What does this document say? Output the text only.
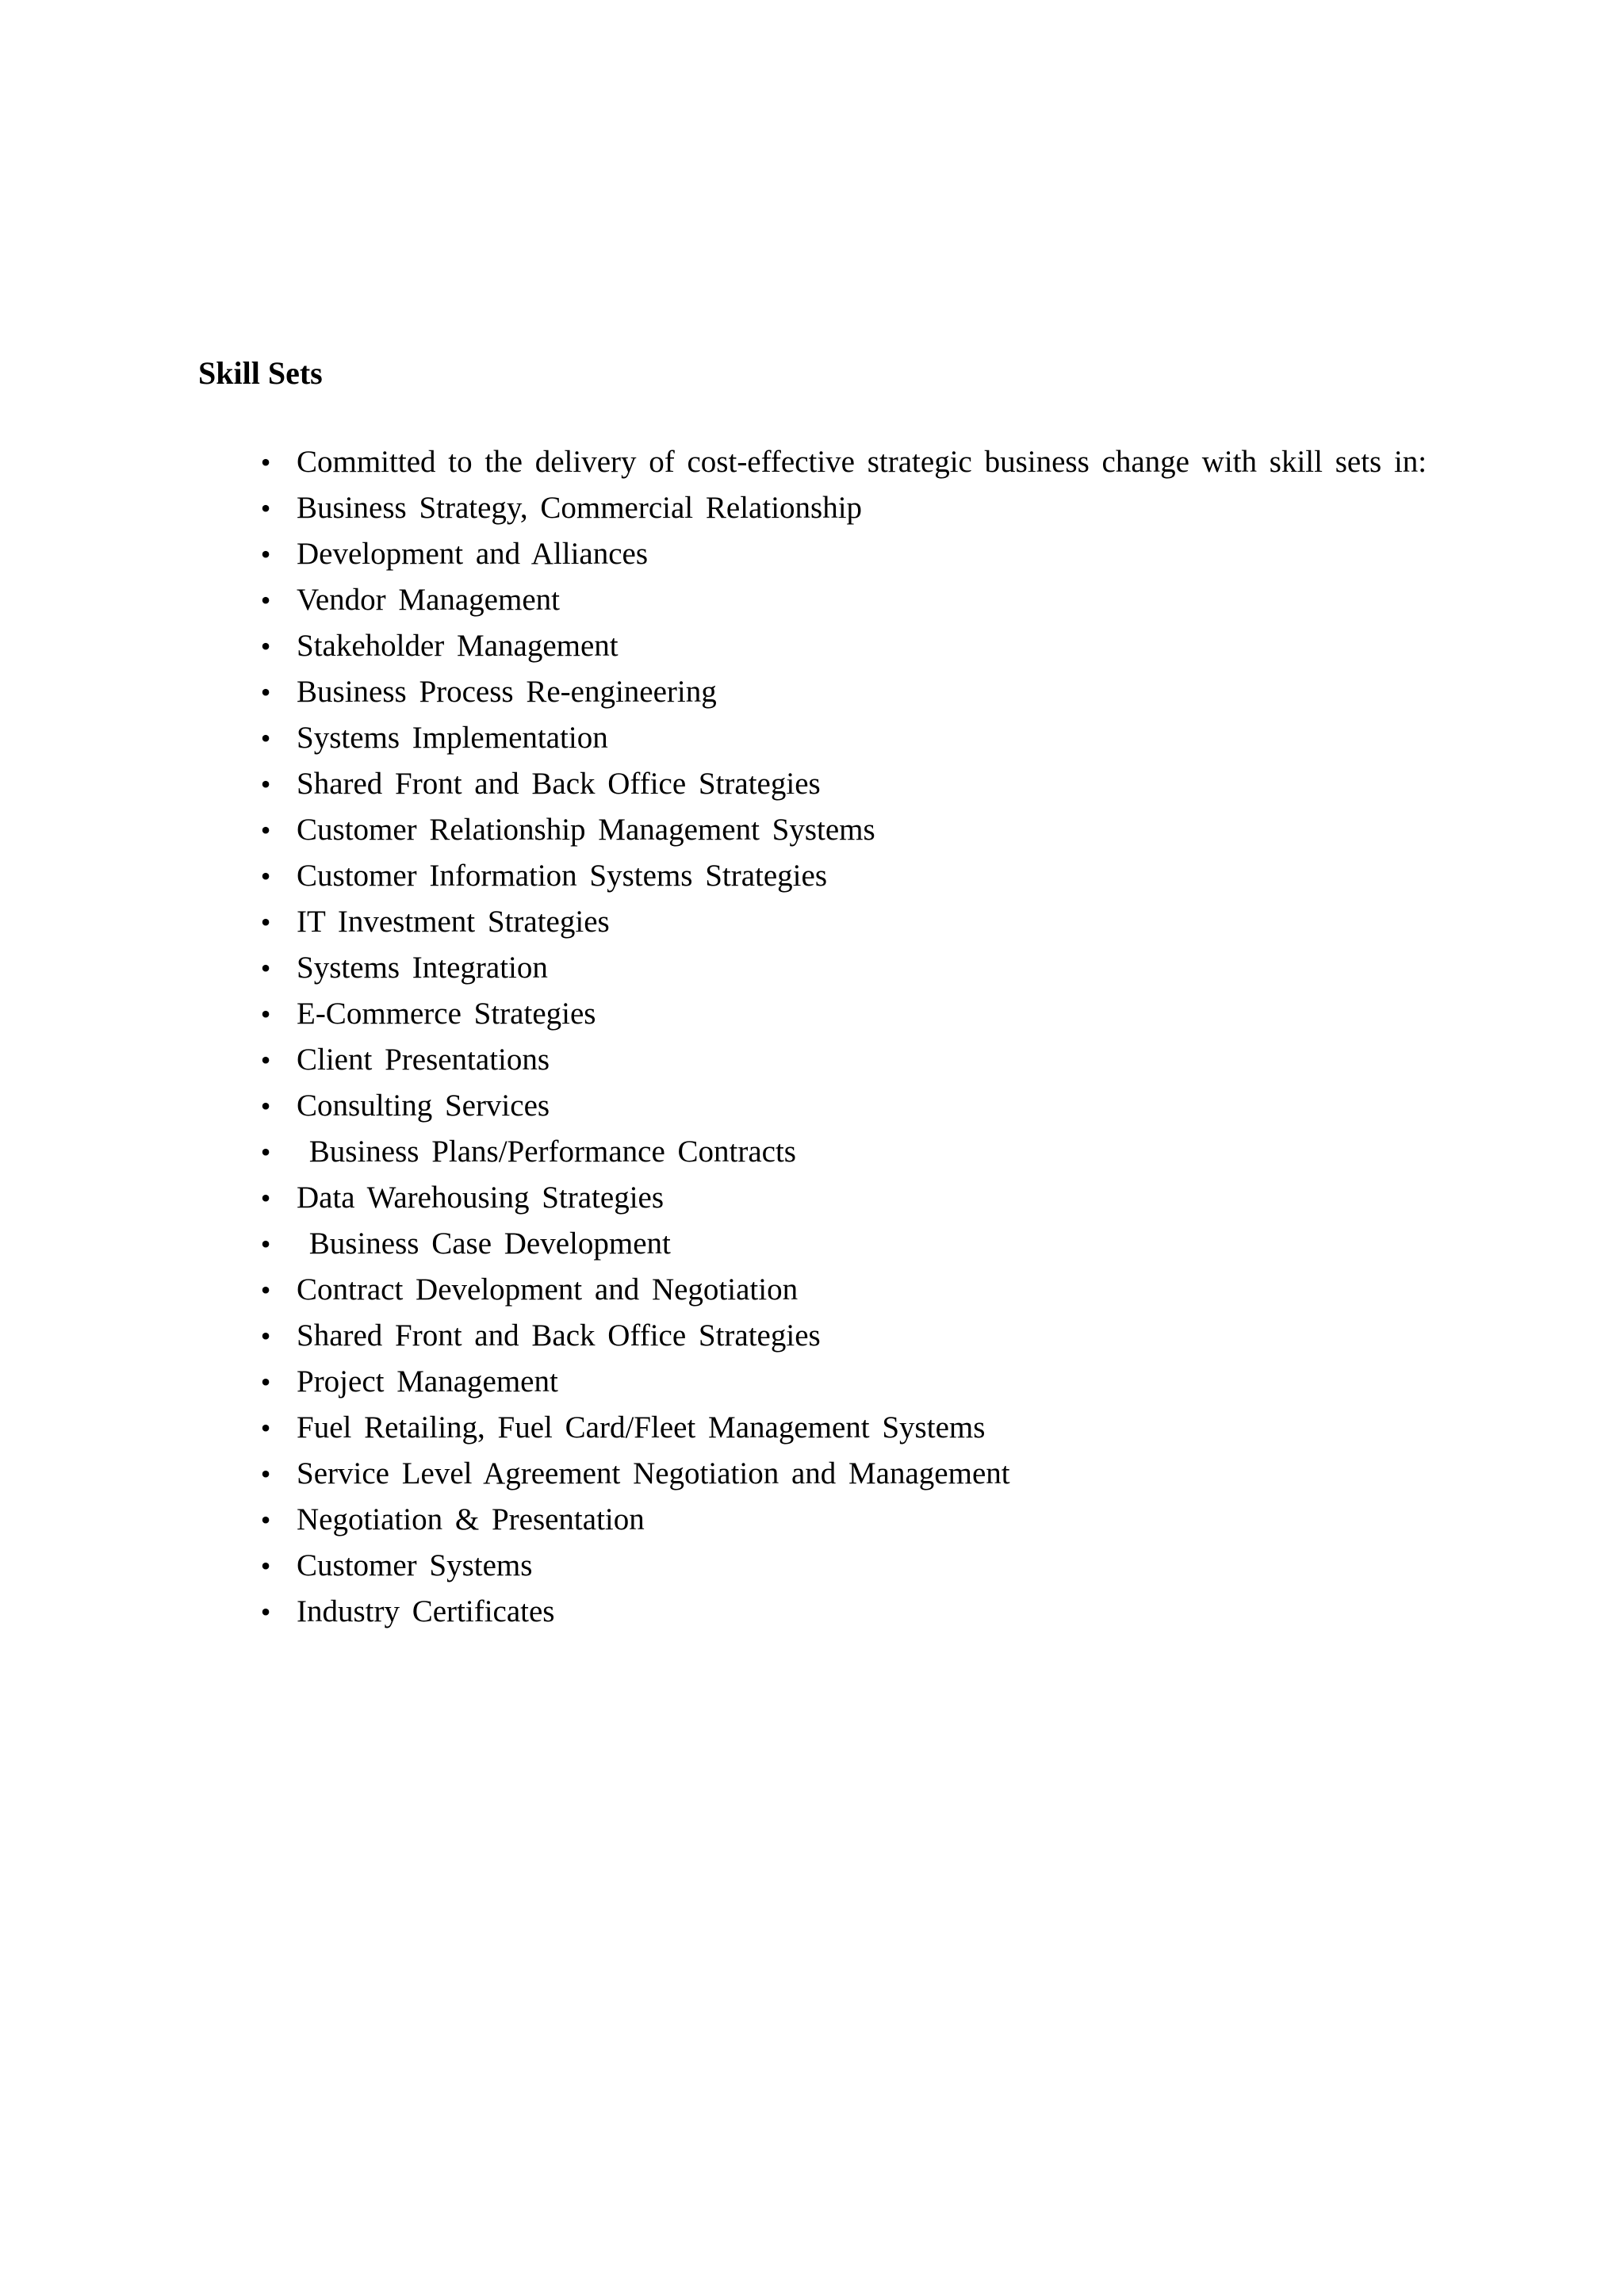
Skill Sets
• Committed to the delivery of cost-effective strategic business change with skill sets in:
• Business Strategy, Commercial Relationship
• Development and Alliances
• Vendor Management
• Stakeholder Management
• Business Process Re-engineering
• Systems Implementation
• Shared Front and Back Office Strategies
• Customer Relationship Management Systems
• Customer Information Systems Strategies
• IT Investment Strategies
• Systems Integration
• E-Commerce Strategies
• Client Presentations
• Consulting Services
• Business Plans/Performance Contracts
• Data Warehousing Strategies
• Business Case Development
• Contract Development and Negotiation
• Shared Front and Back Office Strategies
• Project Management
• Fuel Retailing, Fuel Card/Fleet Management Systems
• Service Level Agreement Negotiation and Management
• Negotiation & Presentation
• Customer Systems
• Industry Certificates
